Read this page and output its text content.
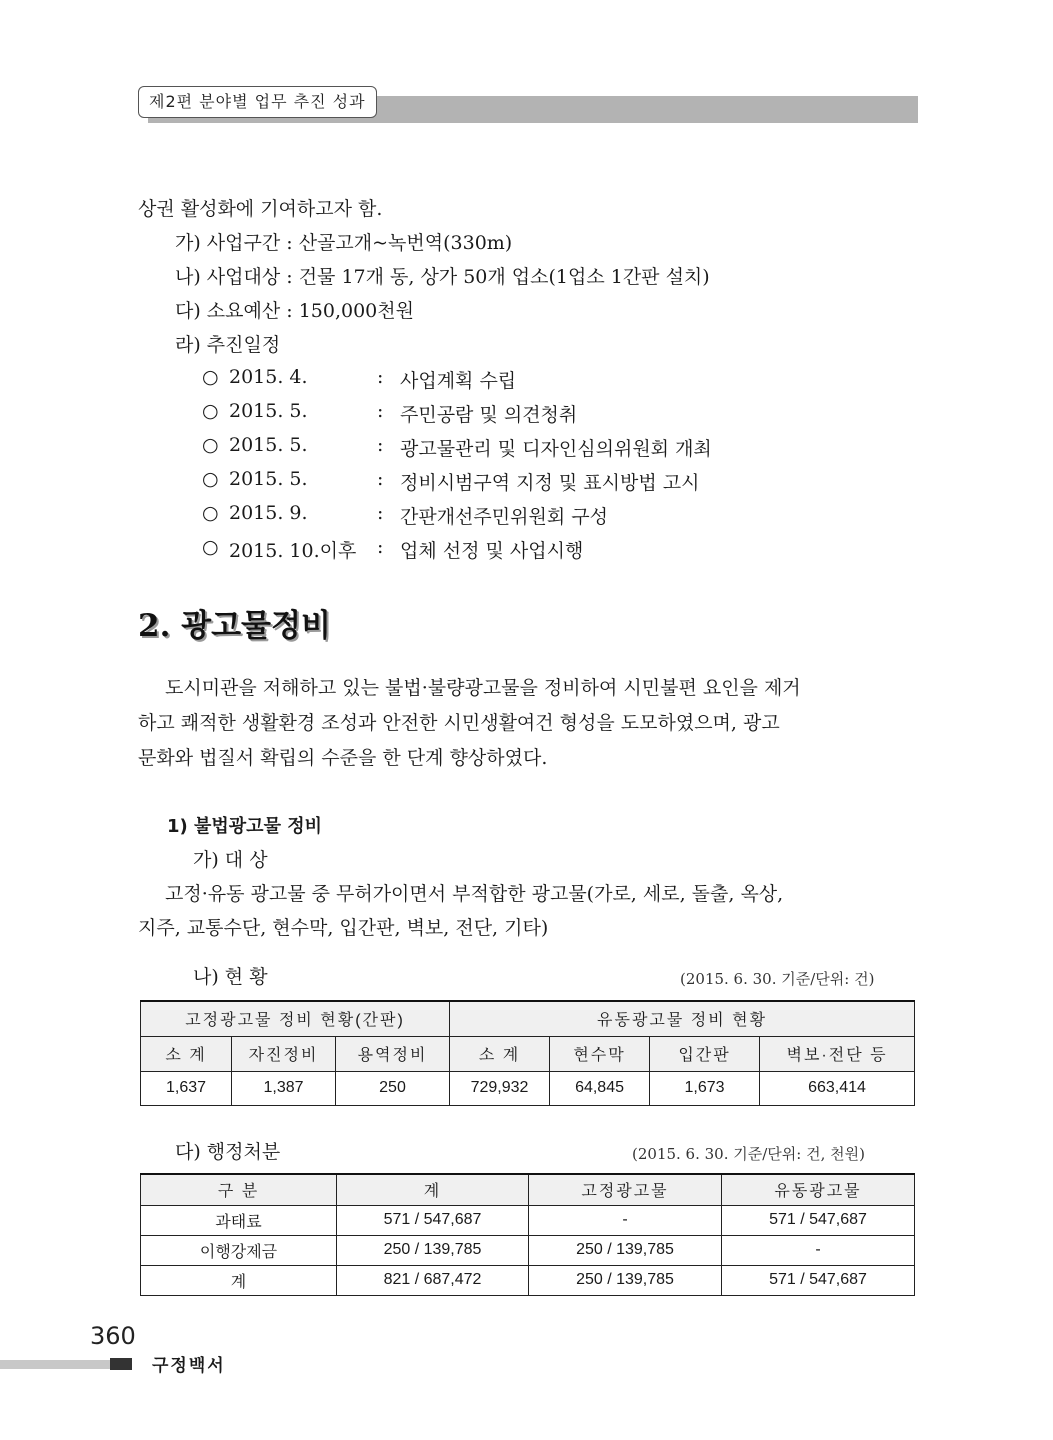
제2편 분야별 업무 추진 성과
상권 활성화에 기여하고자 함.
가) 사업구간 : 산골고개~녹번역(330m)
나) 사업대상 : 건물 17개 동, 상가 50개 업소(1업소 1간판 설치)
다) 소요예산 : 150,000천원
라) 추진일정
○ 2015. 4.	: 사업계획 수립
○ 2015. 5.	: 주민공람 및 의견청취
○ 2015. 5.	: 광고물관리 및 디자인심의위원회 개최
○ 2015. 5.	: 정비시범구역 지정 및 표시방법 고시
○ 2015. 9.	: 간판개선주민위원회 구성
○ 2015. 10.이후 : 업체 선정 및 사업시행
2. 광고물정비
도시미관을 저해하고 있는 불법·불량광고물을 정비하여 시민불편 요인을 제거
하고 쾌적한 생활환경 조성과 안전한 시민생활여건 형성을 도모하였으며, 광고
문화와 법질서 확립의 수준을 한 단계 향상하였다.
1) 불법광고물 정비
가) 대 상
고정·유동 광고물 중 무허가이면서 부적합한 광고물(가로, 세로, 돌출, 옥상,
지주, 교통수단, 현수막, 입간판, 벽보, 전단, 기타)
나) 현 황	(2015. 6. 30. 기준/단위: 건)
고정광고물 정비 현황(간판)			유동광고물 정비 현황			
소 계	자진정비	용역정비	소 계	현수막	입간판	벽보·전단 등
1,637	1,387	250	729,932	64,845	1,673	663,414
다) 행정처분	(2015. 6. 30. 기준/단위: 건, 천원)
구 분	계	고정광고물	유동광고물
과태료	571 / 547,687	-	571 / 547,687
이행강제금	250 / 139,785	250 / 139,785	-
계	821 / 687,472	250 / 139,785	571 / 547,687
360
구정백서
